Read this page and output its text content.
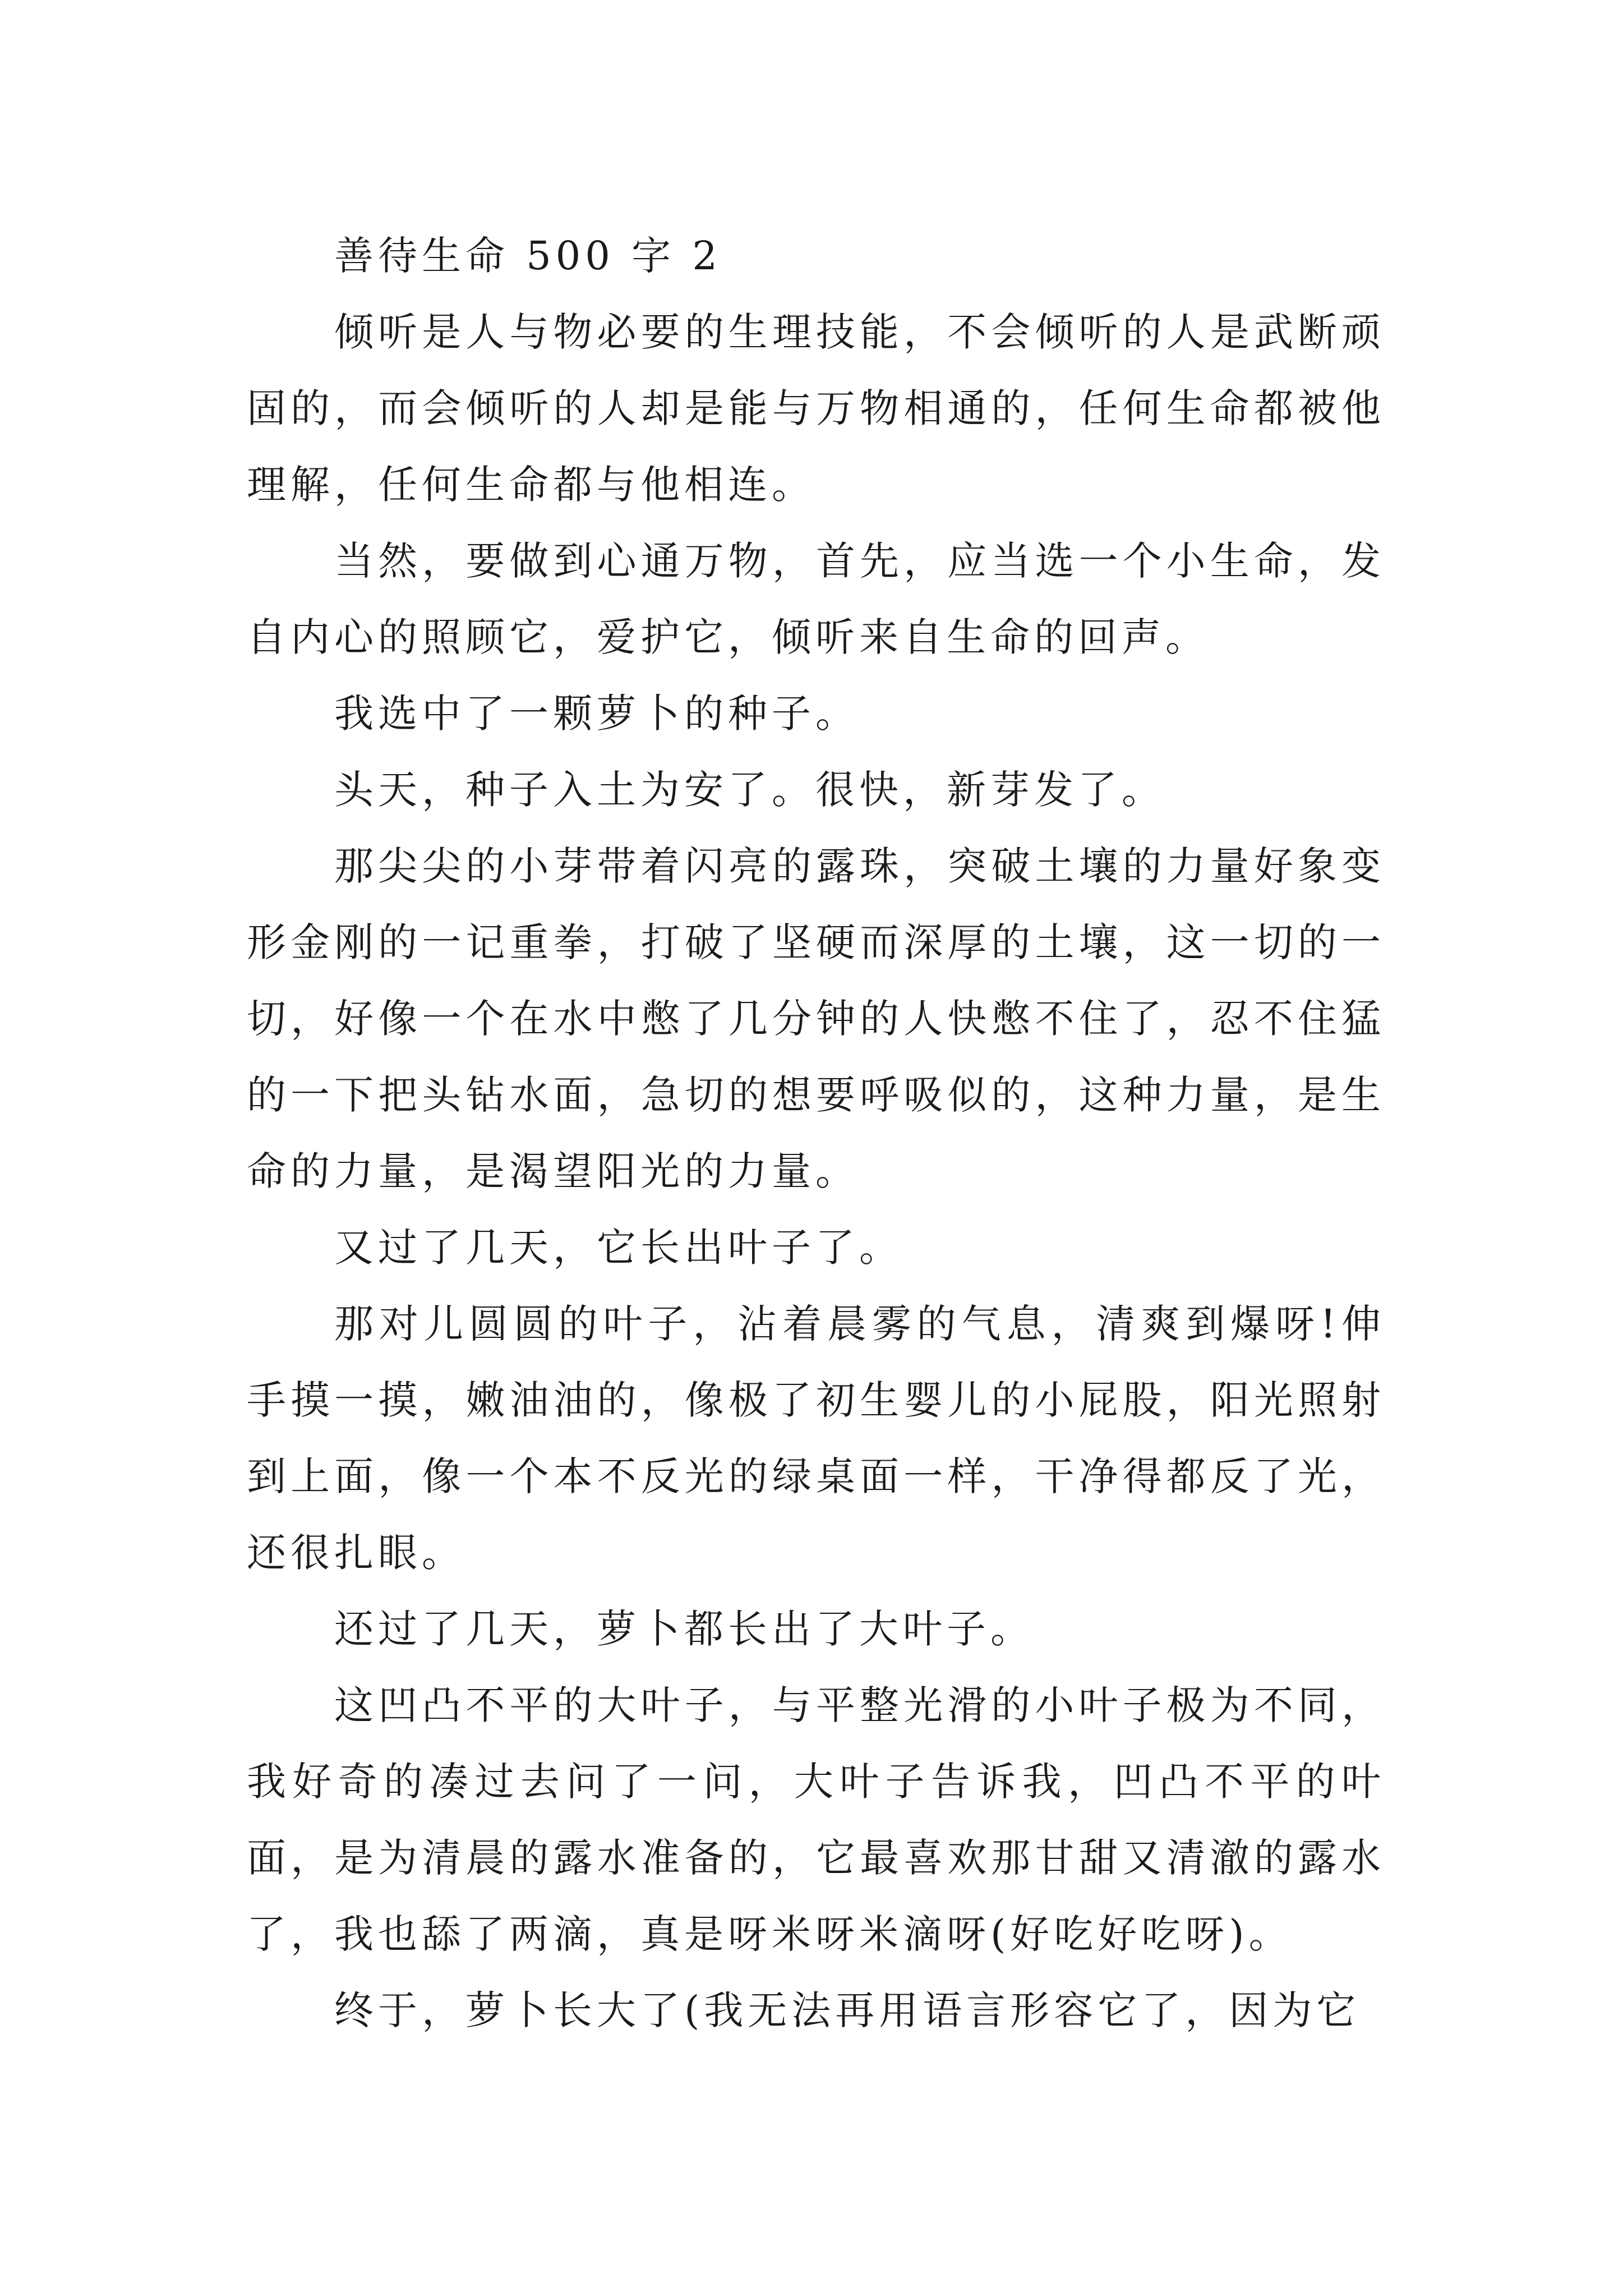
善待生命 500 字 2

倾听是人与物必要的生理技能，不会倾听的人是武断顽固的，而会倾听的人却是能与万物相通的，任何生命都被他理解，任何生命都与他相连。

当然，要做到心通万物，首先，应当选一个小生命，发自内心的照顾它，爱护它，倾听来自生命的回声。

我选中了一颗萝卜的种子。

头天，种子入土为安了。很快，新芽发了。

那尖尖的小芽带着闪亮的露珠，突破土壤的力量好象变形金刚的一记重拳，打破了坚硬而深厚的土壤，这一切的一切，好像一个在水中憋了几分钟的人快憋不住了，忍不住猛的一下把头钻水面，急切的想要呼吸似的，这种力量，是生命的力量，是渴望阳光的力量。

又过了几天，它长出叶子了。

那对儿圆圆的叶子，沾着晨雾的气息，清爽到爆呀!伸手摸一摸，嫩油油的，像极了初生婴儿的小屁股，阳光照射到上面，像一个本不反光的绿桌面一样，干净得都反了光，还很扎眼。

还过了几天，萝卜都长出了大叶子。

这凹凸不平的大叶子，与平整光滑的小叶子极为不同，我好奇的凑过去问了一问，大叶子告诉我，凹凸不平的叶面，是为清晨的露水准备的，它最喜欢那甘甜又清澈的露水了，我也舔了两滴，真是呀米呀米滴呀(好吃好吃呀)。

终于，萝卜长大了(我无法再用语言形容它了，因为它
